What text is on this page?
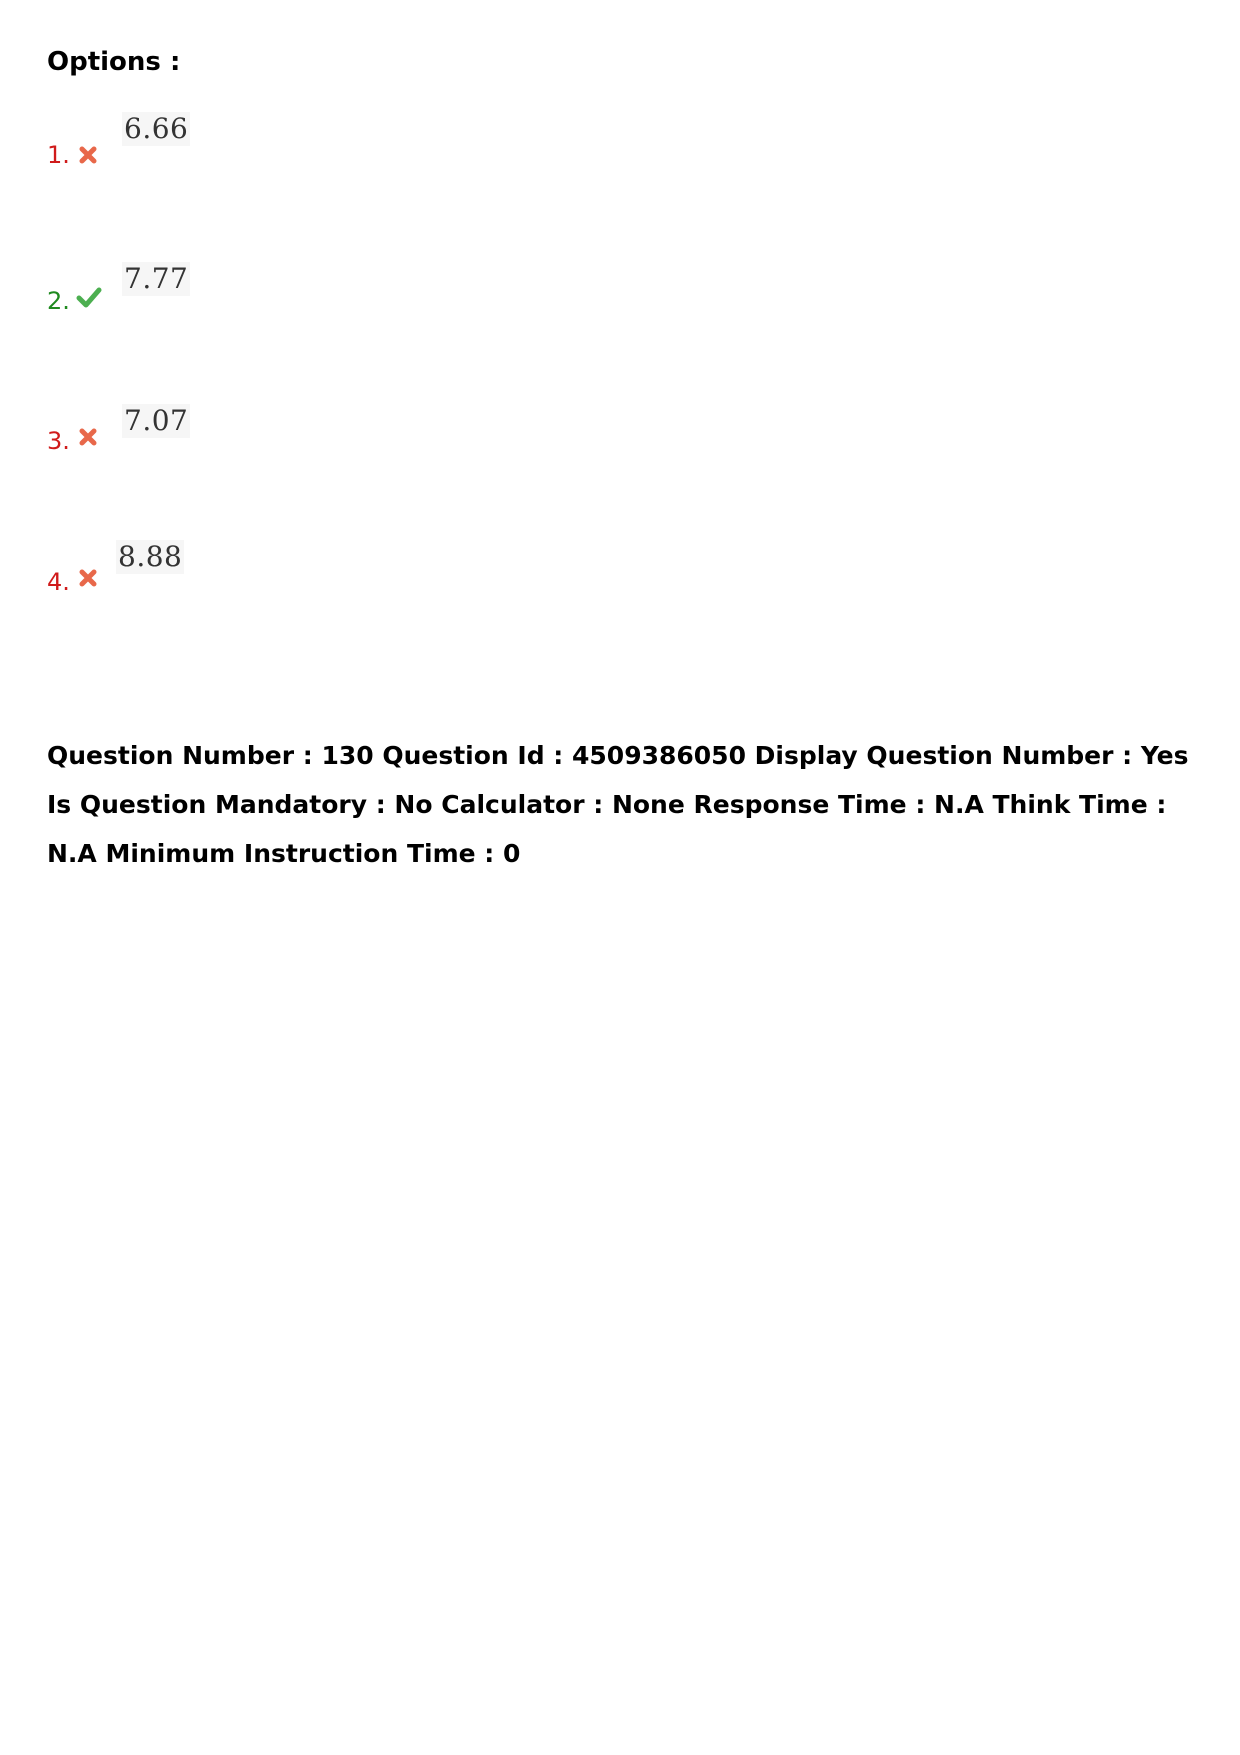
Options :
1.
6.66
2.
7.77
3.
7.07
4.
8.88

Question Number : 130 Question Id : 4509386050 Display Question Number : Yes Is Question Mandatory : No Calculator : None Response Time : N.A Think Time : N.A Minimum Instruction Time : 0
